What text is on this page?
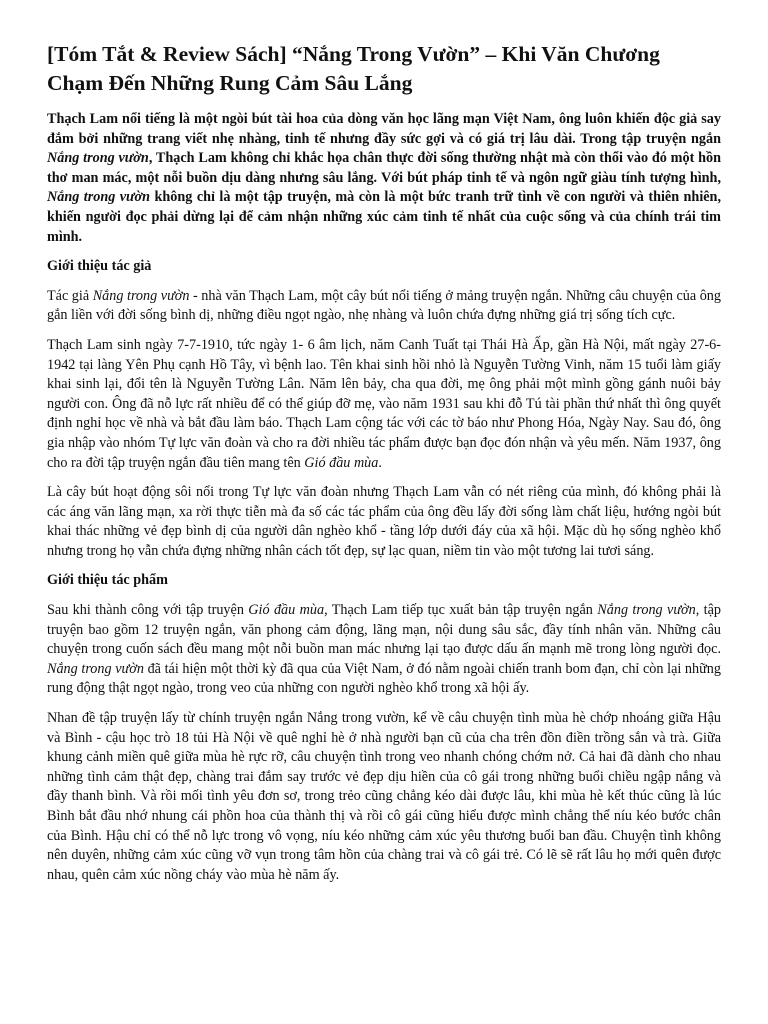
[Tóm Tắt & Review Sách] “Nắng Trong Vườn” – Khi Văn Chương Chạm Đến Những Rung Cảm Sâu Lắng

Thạch Lam nổi tiếng là một ngòi bút tài hoa của dòng văn học lãng mạn Việt Nam, ông luôn khiến độc giả say đắm bởi những trang viết nhẹ nhàng, tinh tế nhưng đầy sức gợi và có giá trị lâu dài. Trong tập truyện ngắn Nắng trong vườn, Thạch Lam không chỉ khắc họa chân thực đời sống thường nhật mà còn thổi vào đó một hồn thơ man mác, một nỗi buồn dịu dàng nhưng sâu lắng. Với bút pháp tinh tế và ngôn ngữ giàu tính tượng hình, Nắng trong vườn không chỉ là một tập truyện, mà còn là một bức tranh trữ tình về con người và thiên nhiên, khiến người đọc phải dừng lại để cảm nhận những xúc cảm tinh tế nhất của cuộc sống và của chính trái tim mình.

Giới thiệu tác giả

Tác giả Nắng trong vườn - nhà văn Thạch Lam, một cây bút nổi tiếng ở mảng truyện ngắn. Những câu chuyện của ông gắn liền với đời sống bình dị, những điều ngọt ngào, nhẹ nhàng và luôn chứa đựng những giá trị sống tích cực.

Thạch Lam sinh ngày 7-7-1910, tức ngày 1- 6 âm lịch, năm Canh Tuất tại Thái Hà Ấp, gần Hà Nội, mất ngày 27-6-1942 tại làng Yên Phụ cạnh Hồ Tây, vì bệnh lao. Tên khai sinh hồi nhỏ là Nguyễn Tường Vinh, năm 15 tuổi làm giấy khai sinh lại, đổi tên là Nguyễn Tường Lân. Năm lên bảy, cha qua đời, mẹ ông phải một mình gồng gánh nuôi bảy người con. Ông đã nỗ lực rất nhiều để có thể giúp đỡ mẹ, vào năm 1931 sau khi đỗ Tú tài phần thứ nhất thì ông quyết định nghỉ học về nhà và bắt đầu làm báo. Thạch Lam cộng tác với các tờ báo như Phong Hóa, Ngày Nay. Sau đó, ông gia nhập vào nhóm Tự lực văn đoàn và cho ra đời nhiều tác phẩm được bạn đọc đón nhận và yêu mến. Năm 1937, ông cho ra đời tập truyện ngắn đầu tiên mang tên Gió đầu mùa.

Là cây bút hoạt động sôi nổi trong Tự lực văn đoàn nhưng Thạch Lam vẫn có nét riêng của mình, đó không phải là các áng văn lãng mạn, xa rời thực tiễn mà đa số các tác phẩm của ông đều lấy đời sống làm chất liệu, hướng ngòi bút khai thác những vẻ đẹp bình dị của người dân nghèo khổ - tầng lớp dưới đáy của xã hội. Mặc dù họ sống nghèo khổ nhưng trong họ vẫn chứa đựng những nhân cách tốt đẹp, sự lạc quan, niềm tin vào một tương lai tươi sáng.

Giới thiệu tác phẩm

Sau khi thành công với tập truyện Gió đầu mùa, Thạch Lam tiếp tục xuất bản tập truyện ngắn Nắng trong vườn, tập truyện bao gồm 12 truyện ngắn, văn phong cảm động, lãng mạn, nội dung sâu sắc, đầy tính nhân văn. Những câu chuyện trong cuốn sách đều mang một nỗi buồn man mác nhưng lại tạo được dấu ấn mạnh mẽ trong lòng người đọc. Nắng trong vườn đã tái hiện một thời kỳ đã qua của Việt Nam, ở đó nằm ngoài chiến tranh bom đạn, chỉ còn lại những rung động thật ngọt ngào, trong veo của những con người nghèo khổ trong xã hội ấy.

Nhan đề tập truyện lấy từ chính truyện ngắn Nắng trong vườn, kể về câu chuyện tình mùa hè chớp nhoáng giữa Hậu và Bình - cậu học trò 18 tủi Hà Nội về quê nghỉ hè ở nhà người bạn cũ của cha trên đồn điền trồng sắn và trà. Giữa khung cảnh miền quê giữa mùa hè rực rỡ, câu chuyện tình trong veo nhanh chóng chớm nở. Cả hai đã dành cho nhau những tình cảm thật đẹp, chàng trai đắm say trước vẻ đẹp dịu hiền của cô gái trong những buổi chiều ngập nắng và đầy thanh bình. Và rồi mối tình yêu đơn sơ, trong trẻo cũng chẳng kéo dài được lâu, khi mùa hè kết thúc cũng là lúc Bình bắt đầu nhớ nhung cái phồn hoa của thành thị và rồi cô gái cũng hiểu được mình chẳng thể níu kéo bước chân của Bình. Hậu chỉ có thể nỗ lực trong vô vọng, níu kéo những cảm xúc yêu thương buổi ban đầu. Chuyện tình không nên duyên, những cảm xúc cũng vỡ vụn trong tâm hồn của chàng trai và cô gái trẻ. Có lẽ sẽ rất lâu họ mới quên được nhau, quên cảm xúc nồng cháy vào mùa hè năm ấy.
